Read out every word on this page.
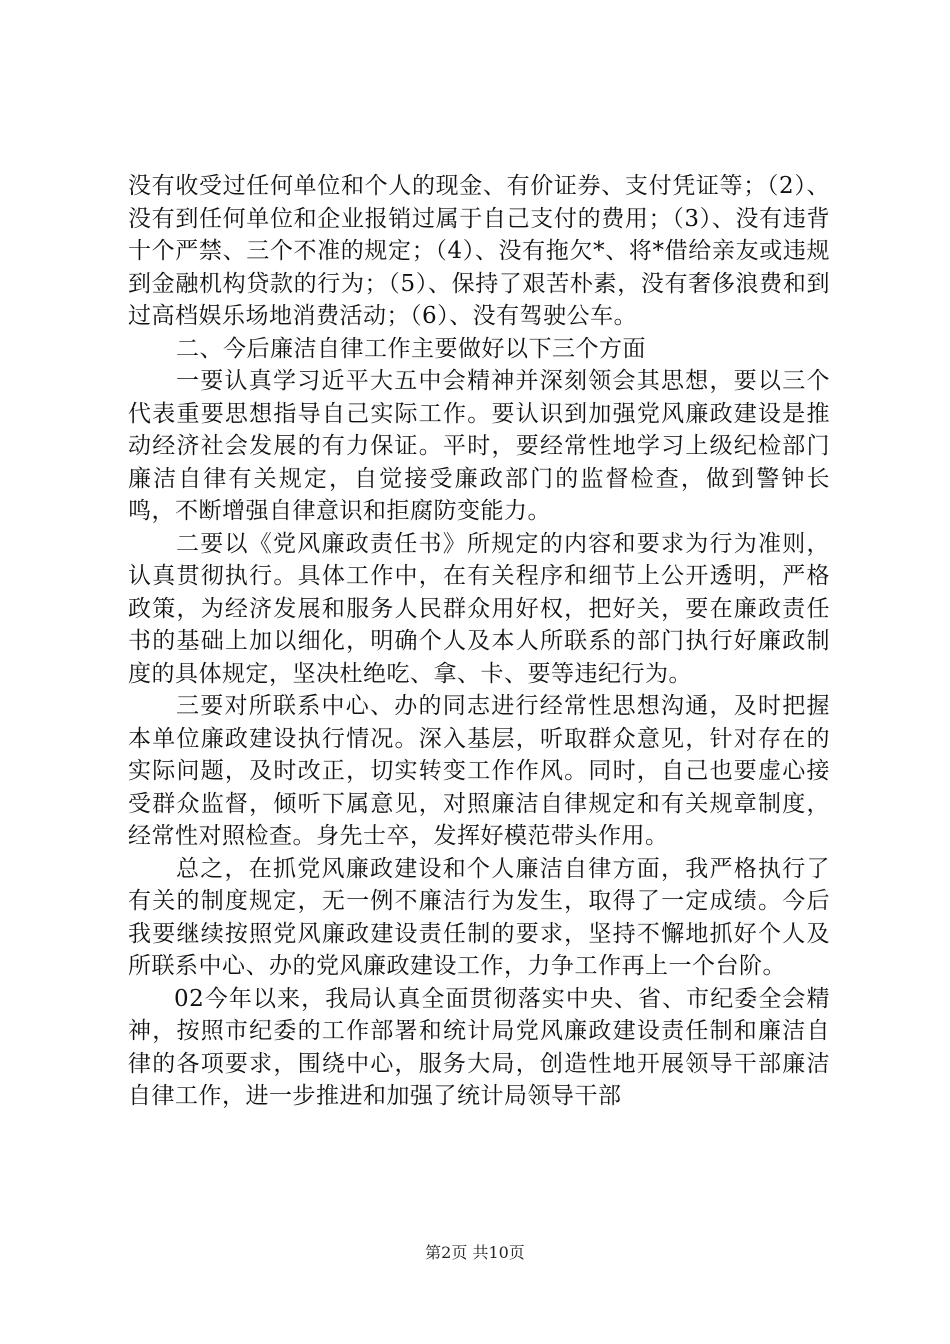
没有收受过任何单位和个人的现金、有价证券、支付凭证等；（2）、没有到任何单位和企业报销过属于自己支付的费用；（3）、没有违背十个严禁、三个不准的规定；（4）、没有拖欠*、将*借给亲友或违规到金融机构贷款的行为；（5）、保持了艰苦朴素，没有奢侈浪费和到过高档娱乐场地消费活动；（6）、没有驾驶公车。

二、今后廉洁自律工作主要做好以下三个方面

一要认真学习近平大五中会精神并深刻领会其思想，要以三个代表重要思想指导自己实际工作。要认识到加强党风廉政建设是推动经济社会发展的有力保证。平时，要经常性地学习上级纪检部门廉洁自律有关规定，自觉接受廉政部门的监督检查，做到警钟长鸣，不断增强自律意识和拒腐防变能力。

二要以《党风廉政责任书》所规定的内容和要求为行为准则，认真贯彻执行。具体工作中，在有关程序和细节上公开透明，严格政策，为经济发展和服务人民群众用好权，把好关，要在廉政责任书的基础上加以细化，明确个人及本人所联系的部门执行好廉政制度的具体规定，坚决杜绝吃、拿、卡、要等违纪行为。

三要对所联系中心、办的同志进行经常性思想沟通，及时把握本单位廉政建设执行情况。深入基层，听取群众意见，针对存在的实际问题，及时改正，切实转变工作作风。同时，自己也要虚心接受群众监督，倾听下属意见，对照廉洁自律规定和有关规章制度，经常性对照检查。身先士卒，发挥好模范带头作用。

总之，在抓党风廉政建设和个人廉洁自律方面，我严格执行了有关的制度规定，无一例不廉洁行为发生，取得了一定成绩。今后我要继续按照党风廉政建设责任制的要求，坚持不懈地抓好个人及所联系中心、办的党风廉政建设工作，力争工作再上一个台阶。

02今年以来，我局认真全面贯彻落实中央、省、市纪委全会精神，按照市纪委的工作部署和统计局党风廉政建设责任制和廉洁自律的各项要求，围绕中心，服务大局，创造性地开展领导干部廉洁自律工作，进一步推进和加强了统计局领导干部

第2页 共10页
